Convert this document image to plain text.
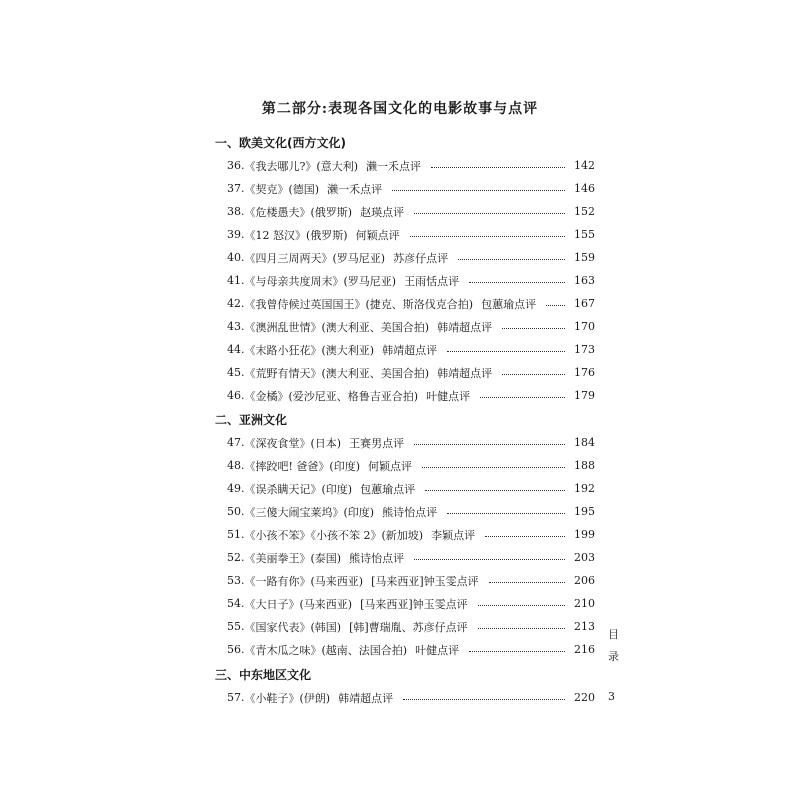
第二部分:表现各国文化的电影故事与点评
一、欧美文化(西方文化)
36. 《我去哪儿?》(意大利) 濑一禾点评	142
37. 《契克》(德国) 濑一禾点评	146
38. 《危楼愚夫》(俄罗斯) 赵瑛点评	152
39. 《12 怒汉》(俄罗斯) 何颖点评	155
40. 《四月三周两天》(罗马尼亚) 苏彦仔点评	159
41. 《与母亲共度周末》(罗马尼亚) 王雨恬点评	163
42. 《我曾侍候过英国国王》(捷克、斯洛伐克合拍) 包蕙瑜点评	167
43. 《澳洲乱世情》(澳大利亚、美国合拍) 韩靖超点评	170
44. 《末路小狂花》(澳大利亚) 韩靖超点评	173
45. 《荒野有情天》(澳大利亚、美国合拍) 韩靖超点评	176
46. 《金橘》(爱沙尼亚、格鲁吉亚合拍) 叶健点评	179
二、亚洲文化
47. 《深夜食堂》(日本) 王赛男点评	184
48. 《摔跤吧! 爸爸》(印度) 何颖点评	188
49. 《误杀瞒天记》(印度) 包蕙瑜点评	192
50. 《三傻大闹宝莱坞》(印度) 熊诗怡点评	195
51. 《小孩不笨》《小孩不笨 2》(新加坡) 李颖点评	199
52. 《美丽拳王》(泰国) 熊诗怡点评	203
53. 《一路有你》(马来西亚) [马来西亚]钟玉雯点评	206
54. 《大日子》(马来西亚) [马来西亚]钟玉雯点评	210
55. 《国家代表》(韩国) [韩]曹瑞胤、苏彦仔点评	213
56. 《青木瓜之味》(越南、法国合拍) 叶健点评	216
三、中东地区文化
57. 《小鞋子》(伊朗) 韩靖超点评	220
目
录
3
